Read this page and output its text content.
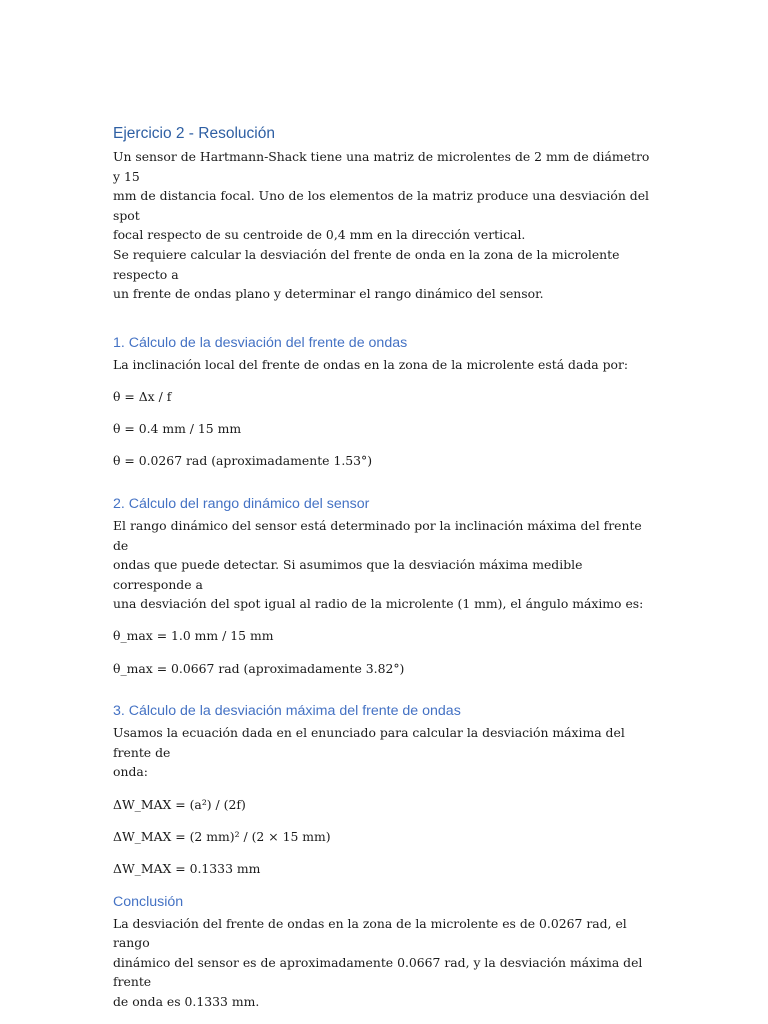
Ejercicio 2 - Resolución

Un sensor de Hartmann-Shack tiene una matriz de microlentes de 2 mm de diámetro y 15

mm de distancia focal. Uno de los elementos de la matriz produce una desviación del spot

focal respecto de su centroide de 0,4 mm en la dirección vertical.

Se requiere calcular la desviación del frente de onda en la zona de la microlente respecto a

un frente de ondas plano y determinar el rango dinámico del sensor.

1. Cálculo de la desviación del frente de ondas

La inclinación local del frente de ondas en la zona de la microlente está dada por:

θ = Δx / f

θ = 0.4 mm / 15 mm

θ = 0.0267 rad (aproximadamente 1.53°)

2. Cálculo del rango dinámico del sensor

El rango dinámico del sensor está determinado por la inclinación máxima del frente de

ondas que puede detectar. Si asumimos que la desviación máxima medible corresponde a

una desviación del spot igual al radio de la microlente (1 mm), el ángulo máximo es:

θ_max = 1.0 mm / 15 mm

θ_max = 0.0667 rad (aproximadamente 3.82°)

3. Cálculo de la desviación máxima del frente de ondas

Usamos la ecuación dada en el enunciado para calcular la desviación máxima del frente de

onda:

ΔW_MAX = (a²) / (2f)

ΔW_MAX = (2 mm)² / (2 × 15 mm)

ΔW_MAX = 0.1333 mm

Conclusión

La desviación del frente de ondas en la zona de la microlente es de 0.0267 rad, el rango

dinámico del sensor es de aproximadamente 0.0667 rad, y la desviación máxima del frente

de onda es 0.1333 mm.
